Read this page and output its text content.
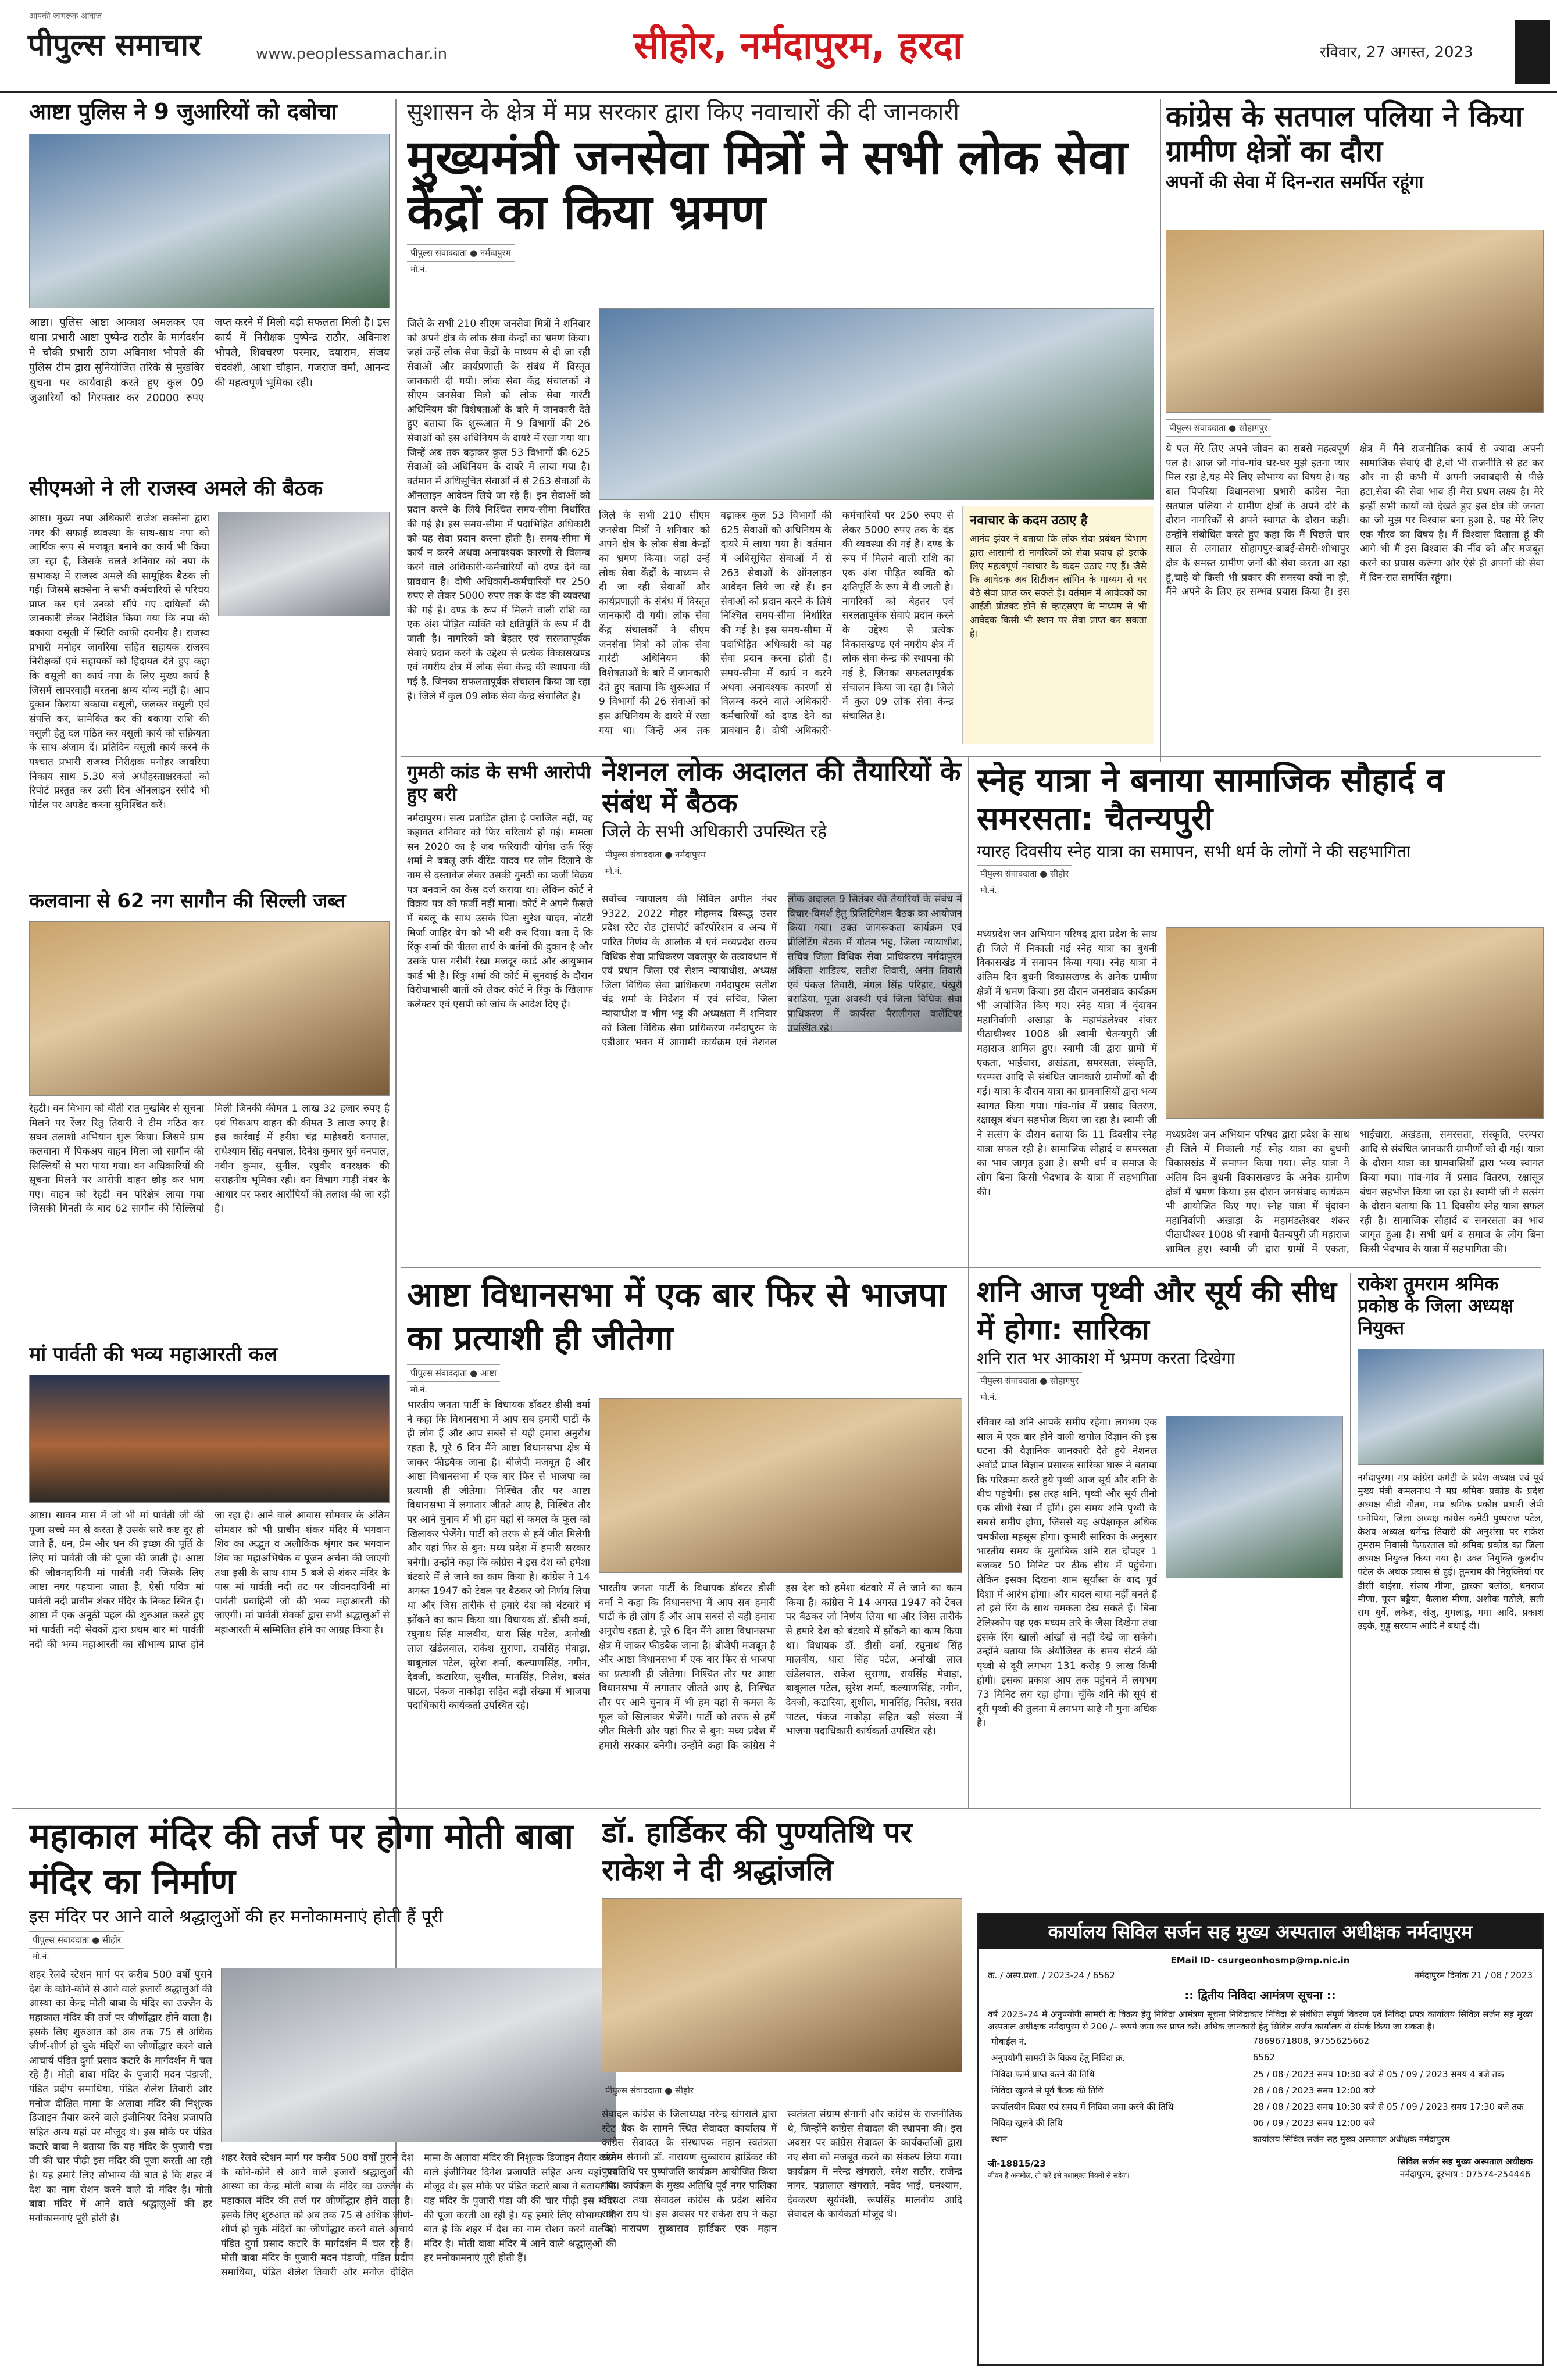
आपकी जागरूक आवाज
पीपुल्स समाचार	www.peoplessamachar.in	सीहोर, नर्मदापुरम, हरदा	रविवार, 27 अगस्त, 2023
आष्टा पुलिस ने 9 जुआरियों को दबोचा
आष्टा। पुलिस आष्टा आकाश अमलकर एव थाना प्रभारी आष्टा पुष्पेन्द्र राठौर के मार्गदर्शन मे चौकी प्रभारी ठाण अविनाश भोपले की पुलिस टीम द्वारा सुनियोजित तरिके से मुखबिर सुचना पर कार्यवाही करते हुए कुल 09 जुआरियों को गिरफ्तार कर 20000 रुपए जप्त करने में मिली बड़ी सफलता मिली है। इस कार्य में निरीक्षक पुष्पेन्द्र राठौर, अविनाश भोपले, शिवचरण परमार, दयाराम, संजय चंदवंशी, आशा चौहान, गजराज वर्मा, आनन्द की महत्वपूर्ण भूमिका रही।
सीएमओ ने ली राजस्व अमले की बैठक
आष्टा। मुख्य नपा अधिकारी राजेश सक्सेना द्वारा नगर की सफाई व्यवस्था के साथ-साथ नपा को आर्थिक रूप से मजबूत बनाने का कार्य भी किया जा रहा है, जिसके चलते शनिवार को नपा के सभाकक्ष में राजस्व अमले की सामूहिक बैठक ली गई। जिसमें सक्सेना ने सभी कर्मचारियों से परिचय प्राप्त कर एवं उनको सौंपे गए दायित्वों की जानकारी लेकर निर्देशित किया गया कि नपा की बकाया वसूली में स्थिति काफी दयनीय है। राजस्व प्रभारी मनोहर जावरिया सहित सहायक राजस्व निरीक्षकों एवं सहायकों को हिदायत देते हुए कहा कि वसूली का कार्य नपा के लिए मुख्य कार्य है जिसमें लापरवाही बरतना क्षम्य योग्य नहीं है। आप दुकान किराया बकाया वसूली, जलकर वसूली एवं संपत्ति कर, सामेकित कर की बकाया राशि की वसूली हेतु दल गठित कर वसूली कार्य को सक्रियता के साथ अंजाम दें। प्रतिदिन वसूली कार्य करने के पश्चात प्रभारी राजस्व निरीक्षक मनोहर जावरिया निकाय साथ 5.30 बजे अधोहस्ताक्षरकर्ता को रिपोर्ट प्रस्तुत कर उसी दिन ऑनलाइन रसीदे भी पोर्टल पर अपडेट करना सुनिश्चित करें।
कलवाना से 62 नग सागौन की सिल्ली जब्त
रेहटी। वन विभाग को बीती रात मुखबिर से सूचना मिलने पर रेंजर रितु तिवारी ने टीम गठित कर सघन तलाशी अभियान शुरू किया। जिसमे ग्राम कलवाना में पिकअप वाहन मिला जो सागौन की सिल्लियों से भरा पाया गया। वन अधिकारियों की सूचना मिलने पर आरोपी वाहन छोड़ कर भाग गए। वाहन को रेहटी वन परिक्षेत्र लाया गया जिसकी गिनती के बाद 62 सागौन की सिल्लियां मिली जिनकी कीमत 1 लाख 32 हजार रुपए है एवं पिकअप वाहन की कीमत 3 लाख रुपए है। इस कार्रवाई में हरीश चंद्र माहेश्वरी वनपाल, राधेश्याम सिंह वनपाल, दिनेश कुमार घुर्वे वनपाल, नवीन कुमार, सुनील, रघुवीर वनरक्षक की सराहनीय भूमिका रही। वन विभाग गाड़ी नंबर के आधार पर फरार आरोपियों की तलाश की जा रही है।
मां पार्वती की भव्य महाआरती कल
आष्टा। सावन मास में जो भी मां पार्वती जी की पूजा सच्चे मन से करता है उसके सारे कष्ट दूर हो जाते हैं, धन, प्रेम और धन की इच्छा की पूर्ति के लिए मां पार्वती जी की पूजा की जाती है। आष्टा की जीवनदायिनी मां पार्वती नदी जिसके लिए आष्टा नगर पहचाना जाता है, ऐसी पवित्र मां पार्वती नदी प्राचीन शंकर मंदिर के निकट स्थित है। आष्टा में एक अनूठी पहल की शुरुआत करते हुए मां पार्वती नदी सेवकों द्वारा प्रथम बार मां पार्वती नदी की भव्य महाआरती का सौभाग्य प्राप्त होने जा रहा है। आने वाले आवास सोमवार के अंतिम सोमवार को भी प्राचीन शंकर मंदिर में भगवान शिव का अद्भुत व अलौकिक श्रृंगार कर भगवान शिव का महाअभिषेक व पूजन अर्चना की जाएगी तथा इसी के साथ शाम 5 बजे से शंकर मंदिर के पास मां पार्वती नदी तट पर जीवनदायिनी मां पार्वती प्रवाहिनी जी की भव्य महाआरती की जाएगी। मां पार्वती सेवकों द्वारा सभी श्रद्धालुओं से महाआरती में सम्मिलित होने का आग्रह किया है।
सुशासन के क्षेत्र में मप्र सरकार द्वारा किए नवाचारों की दी जानकारी
मुख्यमंत्री जनसेवा मित्रों ने सभी लोक सेवा केंद्रों का किया भ्रमण
पीपुल्स संवाददाता ● नर्मदापुरम
मो.नं.
जिले के सभी 210 सीएम जनसेवा मित्रों ने शनिवार को अपने क्षेत्र के लोक सेवा केन्द्रों का भ्रमण किया। जहां उन्हें लोक सेवा केंद्रों के माध्यम से दी जा रही सेवाओं और कार्यप्रणाली के संबंध में विस्तृत जानकारी दी गयी। लोक सेवा केंद्र संचालकों ने सीएम जनसेवा मित्रो को लोक सेवा गारंटी अधिनियम की विशेषताओं के बारे में जानकारी देते हुए बताया कि शुरूआत में 9 विभागों की 26 सेवाओं को इस अधिनियम के दायरे में रखा गया था। जिन्हें अब तक बढ़ाकर कुल 53 विभागों की 625 सेवाओं को अधिनियम के दायरे में लाया गया है। वर्तमान में अधिसूचित सेवाओं में से 263 सेवाओं के ऑनलाइन आवेदन लिये जा रहे हैं। इन सेवाओं को प्रदान करने के लिये निश्चित समय-सीमा निर्धारित की गई है। इस समय-सीमा में पदाभिहित अधिकारी को यह सेवा प्रदान करना होती है। समय-सीमा में कार्य न करने अथवा अनावश्यक कारणों से विलम्ब करने वाले अधिकारी-कर्मचारियों को दण्ड देने का प्रावधान है। दोषी अधिकारी-कर्मचारियों पर 250 रुपए से लेकर 5000 रुपए तक के दंड की व्यवस्था की गई है। दण्ड के रूप में मिलने वाली राशि का एक अंश पीड़ित व्यक्ति को क्षतिपूर्ति के रूप में दी जाती है। नागरिकों को बेहतर एवं सरलतापूर्वक सेवाएं प्रदान करने के उद्देश्य से प्रत्येक विकासखण्ड एवं नगरीय क्षेत्र में लोक सेवा केन्द्र की स्थापना की गई है, जिनका सफलतापूर्वक संचालन किया जा रहा है। जिले में कुल 09 लोक सेवा केन्द्र संचालित है।
जिले के सभी 210 सीएम जनसेवा मित्रों ने शनिवार को अपने क्षेत्र के लोक सेवा केन्द्रों का भ्रमण किया। जहां उन्हें लोक सेवा केंद्रों के माध्यम से दी जा रही सेवाओं और कार्यप्रणाली के संबंध में विस्तृत जानकारी दी गयी। लोक सेवा केंद्र संचालकों ने सीएम जनसेवा मित्रो को लोक सेवा गारंटी अधिनियम की विशेषताओं के बारे में जानकारी देते हुए बताया कि शुरूआत में 9 विभागों की 26 सेवाओं को इस अधिनियम के दायरे में रखा गया था। जिन्हें अब तक बढ़ाकर कुल 53 विभागों की 625 सेवाओं को अधिनियम के दायरे में लाया गया है। वर्तमान में अधिसूचित सेवाओं में से 263 सेवाओं के ऑनलाइन आवेदन लिये जा रहे हैं। इन सेवाओं को प्रदान करने के लिये निश्चित समय-सीमा निर्धारित की गई है। इस समय-सीमा में पदाभिहित अधिकारी को यह सेवा प्रदान करना होती है। समय-सीमा में कार्य न करने अथवा अनावश्यक कारणों से विलम्ब करने वाले अधिकारी-कर्मचारियों को दण्ड देने का प्रावधान है। दोषी अधिकारी-कर्मचारियों पर 250 रुपए से लेकर 5000 रुपए तक के दंड की व्यवस्था की गई है। दण्ड के रूप में मिलने वाली राशि का एक अंश पीड़ित व्यक्ति को क्षतिपूर्ति के रूप में दी जाती है। नागरिकों को बेहतर एवं सरलतापूर्वक सेवाएं प्रदान करने के उद्देश्य से प्रत्येक विकासखण्ड एवं नगरीय क्षेत्र में लोक सेवा केन्द्र की स्थापना की गई है, जिनका सफलतापूर्वक संचालन किया जा रहा है। जिले में कुल 09 लोक सेवा केन्द्र संचालित है।
नवाचार के कदम उठाए है
आनंद झंवर ने बताया कि लोक सेवा प्रबंधन विभाग द्वारा आसानी से नागरिकों को सेवा प्रदाय हो इसके लिए महत्वपूर्ण नवाचार के कदम उठाए गए हैं। जैसे कि आवेदक अब सिटीजन लॉगिन के माध्यम से घर बैठे सेवा प्राप्त कर सकते है। वर्तमान में आवेदकों का आईडी प्रोडक्ट होने से व्हाट्सएप के माध्यम से भी आवेदक किसी भी स्थान पर सेवा प्राप्त कर सकता है।
कांग्रेस के सतपाल पलिया ने किया ग्रामीण क्षेत्रों का दौरा
अपनों की सेवा में दिन-रात समर्पित रहूंगा
पीपुल्स संवाददाता ● सोहागपुर
ये पल मेरे लिए अपने जीवन का सबसे महत्वपूर्ण पल है। आज जो गांव-गांव घर-घर मुझे इतना प्यार मिल रहा है,यह मेरे लिए सौभाग्य का विषय है। यह बात पिपरिया विधानसभा प्रभारी कांग्रेस नेता सतपाल पलिया ने ग्रामीण क्षेत्रों के अपने दौरे के दौरान नागरिकों से अपने स्वागत के दौरान कही। उन्होंने संबोधित करते हुए कहा कि मैं पिछले चार साल से लगातार सोहागपुर-बाबई-सेमरी-शोभापुर क्षेत्र के समस्त ग्रामीण जनों की सेवा करता आ रहा हूं,चाहे वो किसी भी प्रकार की समस्या क्यों ना हो, मैंने अपने के लिए हर सम्भव प्रयास किया है। इस क्षेत्र में मैंने राजनीतिक कार्य से ज्यादा अपनी सामाजिक सेवाएं दी है,वो भी राजनीति से हट कर और ना ही कभी मैं अपनी जवाबदारी से पीछे हटा,सेवा की सेवा भाव ही मेरा प्रथम लक्ष्य है। मेरे इन्हीं सभी कार्यों को देखते हुए इस क्षेत्र की जनता का जो मुझ पर विश्वास बना हुआ है, यह मेरे लिए एक गौरव का विषय है। मैं विश्वास दिलाता हूं की आगे भी मैं इस विश्वास की नींव को और मजबूत करने का प्रयास करूंगा और ऐसे ही अपनों की सेवा में दिन-रात समर्पित रहूंगा।
गुमठी कांड के सभी आरोपी हुए बरी
नर्मदापुरम। सत्य प्रताड़ित होता है पराजित नहीं, यह कहावत शनिवार को फिर चरितार्थ हो गई। मामला सन 2020 का है जब फरियादी योगेश उर्फ रिंकु शर्मा ने बबलू उर्फ वीरेंद्र यादव पर लोन दिलाने के नाम से दस्तावेज लेकर उसकी गुमठी का फर्जी विक्रय पत्र बनवाने का केस दर्ज कराया था। लेकिन कोर्ट ने विक्रय पत्र को फर्जी नहीं माना। कोर्ट ने अपने फैसले में बबलू के साथ उसके पिता सुरेश यादव, नोटरी मिर्जा जाहिर बेग को भी बरी कर दिया। बता दें कि रिंकु शर्मा की पीतल तार्थ के बर्तनों की दुकान है और उसके पास गरीबी रेखा मजदूर कार्ड और आयुष्मान कार्ड भी है। रिंकु शर्मा की कोर्ट में सुनवाई के दौरान विरोधाभासी बातों को लेकर कोर्ट ने रिंकु के खिलाफ कलेक्टर एवं एसपी को जांच के आदेश दिए हैं।
नेशनल लोक अदालत की तैयारियों के संबंध में बैठक
जिले के सभी अधिकारी उपस्थित रहे
पीपुल्स संवाददाता ● नर्मदापुरम
मो.नं.
सर्वोच्च न्यायालय की सिविल अपील नंबर 9322, 2022 मोहर मोहम्मद विरूद्ध उत्तर प्रदेश स्टेट रोड ट्रांसपोर्ट कॉरपोरेशन व अन्य में पारित निर्णय के आलोक में एवं मध्यप्रदेश राज्य विधिक सेवा प्राधिकरण जबलपुर के तत्वावधान में एवं प्रधान जिला एवं सेशन न्यायाधीश, अध्यक्ष जिला विधिक सेवा प्राधिकरण नर्मदापुरम सतीश चंद्र शर्मा के निर्देशन में एवं सचिव, जिला न्यायाधीश व भीम भट्ट की अध्यक्षता में शनिवार को जिला विधिक सेवा प्राधिकरण नर्मदापुरम के एडीआर भवन में आगामी कार्यक्रम एवं नेशनल लोक अदालत 9 सितंबर की तैयारियों के संबंध में विचार-विमर्श हेतु प्रिलिटिगेशन बैठक का आयोजन किया गया। उक्त जागरूकता कार्यक्रम एवं प्रीलिटिंग बैठक में गौतम भट्ट, जिला न्यायाधीश, सचिव जिला विधिक सेवा प्राधिकरण नर्मदापुरम अंकिता शाडिल्य, सतीश तिवारी, अनंत तिवारी एवं पंकज तिवारी, मंगल सिंह परिहार, पंखुरी बराडिया, पूजा अवस्थी एवं जिला विधिक सेवा प्राधिकरण में कार्यरत पैरालीगल वालेंटियर उपस्थित रहे।
स्नेह यात्रा ने बनाया सामाजिक सौहार्द व समरसता: चैतन्यपुरी
ग्यारह दिवसीय स्नेह यात्रा का समापन, सभी धर्म के लोगों ने की सहभागिता
पीपुल्स संवाददाता ● सीहोर
मो.नं.
मध्यप्रदेश जन अभियान परिषद द्वारा प्रदेश के साथ ही जिले में निकाली गई स्नेह यात्रा का बुधनी विकासखंड में समापन किया गया। स्नेह यात्रा ने अंतिम दिन बुधनी विकासखण्ड के अनेक ग्रामीण क्षेत्रों में भ्रमण किया। इस दौरान जनसंवाद कार्यक्रम भी आयोजित किए गए। स्नेह यात्रा में वृंदावन महानिर्वाणी अखाड़ा के महामंडलेश्वर शंकर पीठाधीश्वर 1008 श्री स्वामी चैतन्यपुरी जी महाराज शामिल हुए। स्वामी जी द्वारा ग्रामों में एकता, भाईचारा, अखंडता, समरसता, संस्कृति, परम्परा आदि से संबंधित जानकारी ग्रामीणों को दी गई। यात्रा के दौरान यात्रा का ग्रामवासियों द्वारा भव्य स्वागत किया गया। गांव-गांव में प्रसाद वितरण, रक्षासूत्र बंधन सहभोज किया जा रहा है। स्वामी जी ने सत्संग के दौरान बताया कि 11 दिवसीय स्नेह यात्रा सफल रही है। सामाजिक सौहार्द व समरसता का भाव जागृत हुआ है। सभी धर्म व समाज के लोग बिना किसी भेदभाव के यात्रा में सहभागिता की।
मध्यप्रदेश जन अभियान परिषद द्वारा प्रदेश के साथ ही जिले में निकाली गई स्नेह यात्रा का बुधनी विकासखंड में समापन किया गया। स्नेह यात्रा ने अंतिम दिन बुधनी विकासखण्ड के अनेक ग्रामीण क्षेत्रों में भ्रमण किया। इस दौरान जनसंवाद कार्यक्रम भी आयोजित किए गए। स्नेह यात्रा में वृंदावन महानिर्वाणी अखाड़ा के महामंडलेश्वर शंकर पीठाधीश्वर 1008 श्री स्वामी चैतन्यपुरी जी महाराज शामिल हुए। स्वामी जी द्वारा ग्रामों में एकता, भाईचारा, अखंडता, समरसता, संस्कृति, परम्परा आदि से संबंधित जानकारी ग्रामीणों को दी गई। यात्रा के दौरान यात्रा का ग्रामवासियों द्वारा भव्य स्वागत किया गया। गांव-गांव में प्रसाद वितरण, रक्षासूत्र बंधन सहभोज किया जा रहा है। स्वामी जी ने सत्संग के दौरान बताया कि 11 दिवसीय स्नेह यात्रा सफल रही है। सामाजिक सौहार्द व समरसता का भाव जागृत हुआ है। सभी धर्म व समाज के लोग बिना किसी भेदभाव के यात्रा में सहभागिता की।
आष्टा विधानसभा में एक बार फिर से भाजपा का प्रत्याशी ही जीतेगा
पीपुल्स संवाददाता ● आष्टा
मो.नं.
भारतीय जनता पार्टी के विधायक डॉक्टर डीसी वर्मा ने कहा कि विधानसभा में आप सब हमारी पार्टी के ही लोग हैं और आप सबसे से यही हमारा अनुरोध रहता है, पूरे 6 दिन मैंने आष्टा विधानसभा क्षेत्र में जाकर फीडबैक जाना है। बीजेपी मजबूत है और आष्टा विधानसभा में एक बार फिर से भाजपा का प्रत्याशी ही जीतेगा। निश्चित तौर पर आष्टा विधानसभा में लगातार जीतते आए है, निश्चित तौर पर आने चुनाव में भी हम यहां से कमल के फूल को खिलाकर भेजेंगे। पार्टी को तरफ से हमें जीत मिलेगी और यहां फिर से बुन: मध्य प्रदेश में हमारी सरकार बनेगी। उन्होंने कहा कि कांग्रेस ने इस देश को हमेशा बंटवारे में ले जाने का काम किया है। कांग्रेस ने 14 अगस्त 1947 को टेबल पर बैठकर जो निर्णय लिया था और जिस तारीके से हमारे देश को बंटवारे में झोंकने का काम किया था। विधायक डॉ. डीसी वर्मा, रघुनाथ सिंह मालवीय, धारा सिंह पटेल, अनोखी लाल खंडेलवाल, राकेश सुराणा, रायसिंह मेवाड़ा, बाबूलाल पटेल, सुरेश शर्मा, कल्याणसिंह, नगीन, देवजी, कटारिया, सुशील, मानसिंह, निलेश, बसंत पाटल, पंकज नाकोड़ा सहित बड़ी संख्या में भाजपा पदाधिकारी कार्यकर्ता उपस्थित रहे।
भारतीय जनता पार्टी के विधायक डॉक्टर डीसी वर्मा ने कहा कि विधानसभा में आप सब हमारी पार्टी के ही लोग हैं और आप सबसे से यही हमारा अनुरोध रहता है, पूरे 6 दिन मैंने आष्टा विधानसभा क्षेत्र में जाकर फीडबैक जाना है। बीजेपी मजबूत है और आष्टा विधानसभा में एक बार फिर से भाजपा का प्रत्याशी ही जीतेगा। निश्चित तौर पर आष्टा विधानसभा में लगातार जीतते आए है, निश्चित तौर पर आने चुनाव में भी हम यहां से कमल के फूल को खिलाकर भेजेंगे। पार्टी को तरफ से हमें जीत मिलेगी और यहां फिर से बुन: मध्य प्रदेश में हमारी सरकार बनेगी। उन्होंने कहा कि कांग्रेस ने इस देश को हमेशा बंटवारे में ले जाने का काम किया है। कांग्रेस ने 14 अगस्त 1947 को टेबल पर बैठकर जो निर्णय लिया था और जिस तारीके से हमारे देश को बंटवारे में झोंकने का काम किया था। विधायक डॉ. डीसी वर्मा, रघुनाथ सिंह मालवीय, धारा सिंह पटेल, अनोखी लाल खंडेलवाल, राकेश सुराणा, रायसिंह मेवाड़ा, बाबूलाल पटेल, सुरेश शर्मा, कल्याणसिंह, नगीन, देवजी, कटारिया, सुशील, मानसिंह, निलेश, बसंत पाटल, पंकज नाकोड़ा सहित बड़ी संख्या में भाजपा पदाधिकारी कार्यकर्ता उपस्थित रहे।
शनि आज पृथ्वी और सूर्य की सीध में होगा: सारिका
शनि रात भर आकाश में भ्रमण करता दिखेगा
पीपुल्स संवाददाता ● सोहागपुर
मो.नं.
रविवार को शनि आपके समीप रहेगा। लगभग एक साल में एक बार होने वाली खगोल विज्ञान की इस घटना की वैज्ञानिक जानकारी देते हुये नेशनल अवॉर्ड प्राप्त विज्ञान प्रसारक सारिका घारू ने बताया कि परिक्रमा करते हुये पृथ्वी आज सूर्य और शनि के बीच पहुंचेगी। इस तरह शनि, पृथ्वी और सूर्य तीनो एक सीधी रेखा में होंगे। इस समय शनि पृथ्वी के सबसे समीप होगा, जिससे यह अपेक्षाकृत अधिक चमकीला महसूस होगा। कुमारी सारिका के अनुसार भारतीय समय के मुताबिक शनि रात दोपहर 1 बजकर 50 मिनिट पर ठीक सीध में पहुंचेगा। लेकिन इसका दिखना शाम सूर्यास्त के बाद पूर्व दिशा में आरंभ होगा। और बादल बाधा नहीं बनते हैं तो इसे रिंग के साथ चमकता देख सकते हैं। बिना टेलिस्कोप यह एक मध्यम तारे के जैसा दिखेगा तथा इसके रिंग खाली आंखों से नहीं देखे जा सकेंगे। उन्होंने बताया कि अंयोजिस्त के समय सेटर्न की पृथ्वी से दूरी लगभग 131 करोड़ 9 लाख किमी होगी। इसका प्रकाश आप तक पहुंचने में लगभग 73 मिनिट लग रहा होगा। चूंकि शनि की सूर्य से दूरी पृथ्वी की तुलना में लगभग साढ़े नौ गुना अधिक है।
राकेश तुमराम श्रमिक प्रकोष्ठ के जिला अध्यक्ष नियुक्त
नर्मदापुरम। मप्र कांग्रेस कमेटी के प्रदेश अध्यक्ष एवं पूर्व मुख्य मंत्री कमलनाथ ने मप्र श्रमिक प्रकोष्ठ के प्रदेश अध्यक्ष बीडी गौतम, मप्र श्रमिक प्रकोष्ठ प्रभारी जेपी धनोपिया, जिला अध्यक्ष कांग्रेस कमेटी पुष्पराज पटेल, केशव अध्यक्ष धर्मेन्द्र तिवारी की अनुशंसा पर राकेश तुमराम निवासी फेफरताल को श्रमिक प्रकोष्ठ का जिला अध्यक्ष नियुक्त किया गया है। उक्त नियुक्ति कुलदीप पटेल के अथक प्रयास से हुई। तुमराम की नियुक्तियां पर डीसी बाईसा, संजय मीणा, द्वारका बलोठा, धनराज मीणा, पूरन बड्डैया, कैलाश मीणा, अशोक गठोले, सती राम धुर्वे, लकेश, संजु, गुमलाडू, ममा आदि, प्रकाश उइके, गुड्डू सरयाम आदि ने बधाई दी।
महाकाल मंदिर की तर्ज पर होगा मोती बाबा मंदिर का निर्माण
इस मंदिर पर आने वाले श्रद्धालुओं की हर मनोकामनाएं होती हैं पूरी
पीपुल्स संवाददाता ● सीहोर
मो.नं.
शहर रेलवे स्टेशन मार्ग पर करीब 500 वर्षों पुराने देश के कोने-कोने से आने वाले हजारों श्रद्धालुओं की आस्था का केन्द्र मोती बाबा के मंदिर का उज्जैन के महाकाल मंदिर की तर्ज पर जीर्णोद्धार होने वाला है। इसके लिए शुरुआत को अब तक 75 से अधिक जीर्ण-शीर्ण हो चुके मंदिरों का जीर्णोद्धार करने वाले आचार्य पंडित दुर्गा प्रसाद कटारे के मार्गदर्शन में चल रहे हैं। मोती बाबा मंदिर के पुजारी मदन पंडाजी, पंडित प्रदीप समाधिया, पंडित शैलेश तिवारी और मनोज दीक्षित मामा के अलावा मंदिर की निशुल्क डिजाइन तैयार करने वाले इंजीनियर दिनेश प्रजापति सहित अन्य यहां पर मौजूद थे। इस मौके पर पंडित कटारे बाबा ने बताया कि यह मंदिर के पुजारी पंडा जी की चार पीढ़ी इस मंदिर की पूजा करती आ रही है। यह हमारे लिए सौभाग्य की बात है कि शहर में देश का नाम रोशन करने वाले दो मंदिर है। मोती बाबा मंदिर में आने वाले श्रद्धालुओं की हर मनोकामनाएं पूरी होती हैं।
शहर रेलवे स्टेशन मार्ग पर करीब 500 वर्षों पुराने देश के कोने-कोने से आने वाले हजारों श्रद्धालुओं की आस्था का केन्द्र मोती बाबा के मंदिर का उज्जैन के महाकाल मंदिर की तर्ज पर जीर्णोद्धार होने वाला है। इसके लिए शुरुआत को अब तक 75 से अधिक जीर्ण-शीर्ण हो चुके मंदिरों का जीर्णोद्धार करने वाले आचार्य पंडित दुर्गा प्रसाद कटारे के मार्गदर्शन में चल रहे हैं। मोती बाबा मंदिर के पुजारी मदन पंडाजी, पंडित प्रदीप समाधिया, पंडित शैलेश तिवारी और मनोज दीक्षित मामा के अलावा मंदिर की निशुल्क डिजाइन तैयार करने वाले इंजीनियर दिनेश प्रजापति सहित अन्य यहां पर मौजूद थे। इस मौके पर पंडित कटारे बाबा ने बताया कि यह मंदिर के पुजारी पंडा जी की चार पीढ़ी इस मंदिर की पूजा करती आ रही है। यह हमारे लिए सौभाग्य की बात है कि शहर में देश का नाम रोशन करने वाले दो मंदिर है। मोती बाबा मंदिर में आने वाले श्रद्धालुओं की हर मनोकामनाएं पूरी होती हैं।
डॉ. हार्डिकर की पुण्यतिथि पर राकेश ने दी श्रद्धांजलि
पीपुल्स संवाददाता ● सीहोर
सेवादल कांग्रेस के जिलाध्यक्ष नरेन्द्र खंगराले द्वारा स्टेट बैंक के सामने स्थित सेवादल कार्यालय में कांग्रेस सेवादल के संस्थापक महान स्वतंत्रता संग्राम सेनानी डॉ. नारायण सुब्बाराव हार्डिकर की पुण्यतिथि पर पुष्पांजलि कार्यक्रम आयोजित किया गया। कार्यक्रम के मुख्य अतिथि पूर्व नगर पालिका अध्यक्ष तथा सेवादल कांग्रेस के प्रदेश सचिव राकेश राय थे। इस अवसर पर राकेश राय ने कहा कि नारायण सुब्बाराव हार्डिकर एक महान स्वतंत्रता संग्राम सेनानी और कांग्रेस के राजनीतिक थे, जिन्होंने कांग्रेस सेवादल की स्थापना की। इस अवसर पर कांग्रेस सेवादल के कार्यकर्ताओं द्वारा नए सेवा को मजबूत करने का संकल्प लिया गया। कार्यक्रम में नरेन्द्र खंगराले, रमेश राठौर, राजेन्द्र नागर, पन्नालाल खंगराले, नवेद भाई, घनश्याम, देवकरण सूर्यवंशी, रूपसिंह मालवीय आदि सेवादल के कार्यकर्ता मौजूद थे।
कार्यालय सिविल सर्जन सह मुख्य अस्पताल अधीक्षक नर्मदापुरम
EMail ID- csurgeonhosmp@mp.nic.in
क्र. / अस्प.प्रशा. / 2023-24 / 6562	नर्मदापुरम दिनांक 21 / 08 / 2023
:: द्वितीय निविदा आमंत्रण सूचना ::
वर्ष 2023–24 में अनुपयोगी सामग्री के विक्रय हेतु निविदा आमंत्रण सूचना निविदाकार निविदा से संबंधित संपूर्ण विवरण एवं निविदा प्रपत्र कार्यालय सिविल सर्जन सह मुख्य अस्पताल अधीक्षक नर्मदापुरम से 200 /– रूपये जमा कर प्राप्त करें। अधिक जानकारी हेतु सिविल सर्जन कार्यालय से संपर्क किया जा सकता है।
मोबाईल नं.	7869671808, 9755625662
अनुपयोगी सामग्री के विक्रय हेतु निविदा क्र.	6562
निविदा फार्म प्राप्त करने की तिथि	25 / 08 / 2023 समय 10:30 बजे से 05 / 09 / 2023 समय 4 बजे तक
निविदा खुलने से पूर्व बैठक की तिथि	28 / 08 / 2023 समय 12:00 बजे
कार्यालयीन दिवस एवं समय में निविदा जमा करने की तिथि	28 / 08 / 2023 समय 10:30 बजे से 05 / 09 / 2023 समय 17:30 बजे तक
निविदा खुलने की तिथि	06 / 09 / 2023 समय 12:00 बजे
स्थान	कार्यालय सिविल सर्जन सह मुख्य अस्पताल अधीक्षक नर्मदापुरम
जी-18815/23
जीवन है अनमोल, तो करें इसे नशामुक्त नियमों से सहेज़।
सिविल सर्जन सह मुख्य अस्पताल अधीक्षक
नर्मदापुरम, दूरभाष : 07574-254446
